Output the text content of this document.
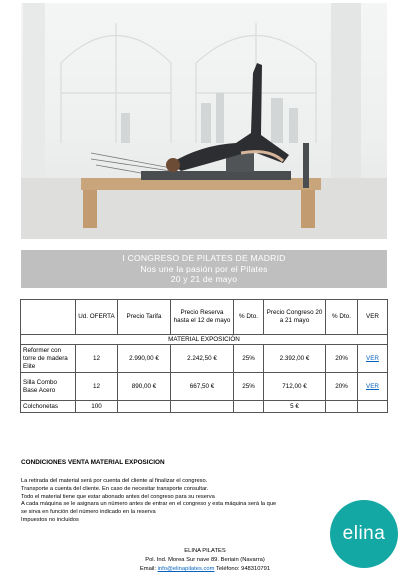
I CONGRESO DE PILATES DE MADRID
Nos une la pasión por el Pilates
20 y 21 de mayo
	Ud. OFERTA	Precio Tarifa	Precio Reserva hasta el 12 de mayo	% Dto.	Precio Congreso 20 a 21 mayo	% Dto.	VER
MATERIAL EXPOSICIÓN							
Reformer con torre de madera Elite	12	2.990,00 €	2.242,50 €	25%	2.392,00 €	20%	VER
Silla Combo Base Acero	12	890,00 €	667,50 €	25%	712,00 €	20%	VER
Colchonetas	100				5 €		
CONDICIONES VENTA MATERIAL EXPOSICION
La retirada del material será por cuenta del cliente al finalizar el congreso.
Transporte a cuenta del cliente. En caso de necesitar transporte consultar.
Todo el material tiene que estar abonado antes del congreso para su reserva
A cada máquina se le asignara un número antes de entrar en el congreso y esta máquina será la que
se sirva en función del número indicado en la reserva
Impuestos no incluidos
ELINA PILATES
Pol. Ind. Morea Sur nave 89. Beriain (Navarra)
Email: info@elinapilates.com Teléfono: 948310791
elina
